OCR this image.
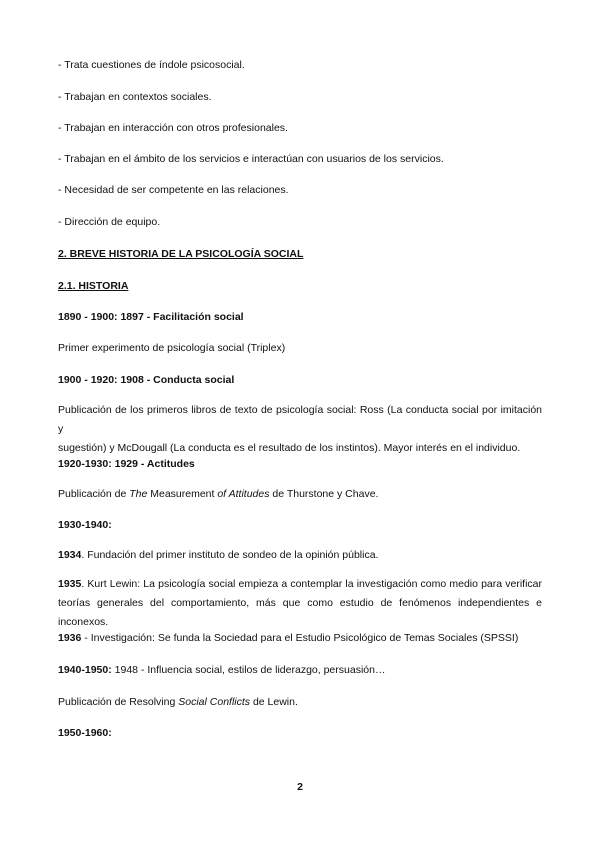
- Trata cuestiones de índole psicosocial.
- Trabajan en contextos sociales.
- Trabajan en interacción con otros profesionales.
- Trabajan en el ámbito de los servicios e interactúan con usuarios de los servicios.
- Necesidad de ser competente en las relaciones.
- Dirección de equipo.
2. BREVE HISTORIA DE LA PSICOLOGÍA SOCIAL
2.1. HISTORIA
1890 - 1900: 1897 - Facilitación social
Primer experimento de psicología social (Triplex)
1900 - 1920: 1908 - Conducta social
Publicación de los primeros libros de texto de psicología social: Ross (La conducta social por imitación y
sugestión) y McDougall (La conducta es el resultado de los instintos). Mayor interés en el individuo.
1920-1930: 1929 - Actitudes
Publicación de The Measurement of Attitudes de Thurstone y Chave.
1930-1940:
1934. Fundación del primer instituto de sondeo de la opinión pública.
1935. Kurt Lewin: La psicología social empieza a contemplar la investigación como medio para verificar
teorías generales del comportamiento, más que como estudio de fenómenos independientes e inconexos.
1936 - Investigación: Se funda la Sociedad para el Estudio Psicológico de Temas Sociales (SPSSI)
1940-1950: 1948 - Influencia social, estilos de liderazgo, persuasión…
Publicación de Resolving Social Conflicts de Lewin.
1950-1960:
2
